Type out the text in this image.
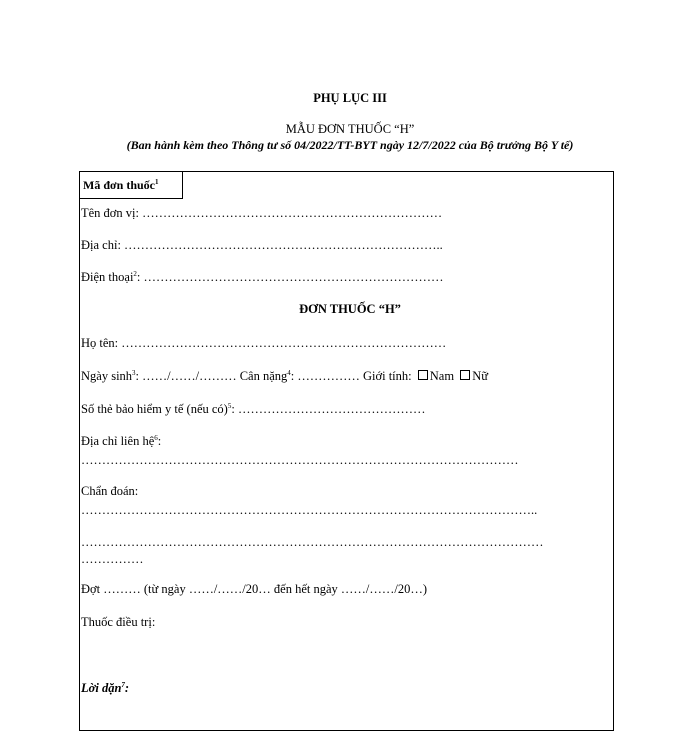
PHỤ LỤC III
MẪU ĐƠN THUỐC “H”
(Ban hành kèm theo Thông tư số 04/2022/TT-BYT ngày 12/7/2022 của Bộ trưởng Bộ Y tế)
Mã đơn thuốc$^1$
Tên đơn vị: ………………………………………………………………
Địa chỉ: …………………………………………………………………..
Điện thoại$^2$: ………………………………………………………………
ĐƠN THUỐC “H”
Họ tên: ……………………………………………………………………
Ngày $\sinh^3$: ……/……/……… Cân nặng$^4$: …………… Giới tính: Nam Nữ
Số thẻ bảo hiểm y tế (nếu có)$^5$: ………………………………………
Địa chỉ liên hệ$^6$:
……………………………………………………………………………………………
Chẩn đoán:
………………………………………………………………………………………………..
…………………………………………………………………………………………………
……………
Đợt ……… (từ ngày ……/……/20… đến hết ngày ……/……/20…)
Thuốc điều trị:
Lời dặn$^7$:
